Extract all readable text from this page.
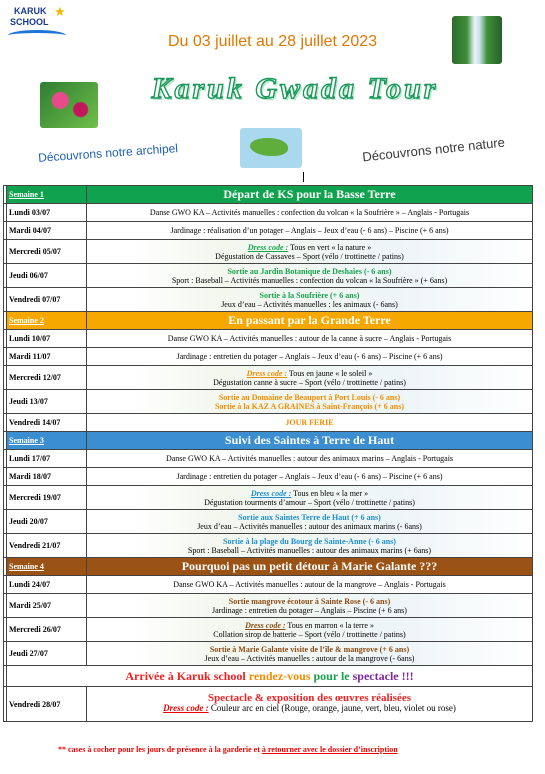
KARUK
SCHOOL
★
Du 03 juillet au 28 juillet 2023
Karuk Gwada Tour
Découvrons notre archipel	Découvrons notre nature
	Semaine 1	Départ de KS pour la Basse Terre
	Lundi 03/07	Danse GWO KA – Activités manuelles : confection du volcan « la Soufrière » – Anglais - Portugais

	Mardi 04/07	Jardinage : réalisation d’un potager – Anglais – Jeux d’eau (- 6 ans) – Piscine (+ 6 ans)

	Mercredi 05/07	Dress code : Tous en vert « la nature »
Dégustation de Cassaves – Sport (vélo / trottinette / patins)

	Jeudi 06/07	Sortie au Jardin Botanique de Deshaies (- 6 ans)
Sport : Baseball – Activités manuelles : confection du volcan « la Soufrière » (+ 6ans)

	Vendredi 07/07	Sortie à la Soufrière (+ 6 ans)
Jeux d’eau – Activités manuelles : les animaux (- 6ans)

	Semaine 2	En passant par la Grande Terre
	Lundi 10/07	Danse GWO KA – Activités manuelles : autour de la canne à sucre – Anglais - Portugais

	Mardi 11/07	Jardinage : entretien du potager – Anglais – Jeux d’eau (- 6 ans) – Piscine (+ 6 ans)

	Mercredi 12/07	Dress code : Tous en jaune « le soleil »
Dégustation canne à sucre – Sport (vélo / trottinette / patins)

	Jeudi 13/07	Sortie au Domaine de Beauport à Port Louis (- 6 ans)
Sortie à la KAZ A GRAINES à Saint-François (+ 6 ans)

	Vendredi 14/07	JOUR FERIE

	Semaine 3	Suivi des Saintes à Terre de Haut
	Lundi 17/07	Danse GWO KA – Activités manuelles : autour des animaux marins – Anglais - Portugais

	Mardi 18/07	Jardinage : entretien du potager – Anglais – Jeux d’eau (- 6 ans) – Piscine (+ 6 ans)

	Mercredi 19/07	Dress code : Tous en bleu « la mer »
Dégustation tourments d’amour – Sport (vélo / trottinette / patins)

	Jeudi 20/07	Sortie aux Saintes Terre de Haut (+ 6 ans)
Jeux d’eau – Activités manuelles : autour des animaux marins (- 6ans)

	Vendredi 21/07	Sortie à la plage du Bourg de Sainte-Anne (- 6 ans)
Sport : Baseball – Activités manuelles : autour des animaux marins (+ 6ans)

	Semaine 4	Pourquoi pas un petit détour à Marie Galante ???
	Lundi 24/07	Danse GWO KA – Activités manuelles : autour de la mangrove – Anglais - Portugais

	Mardi 25/07	Sortie mangrove écotour à Sainte Rose (- 6 ans)
Jardinage : entretien du potager – Anglais – Piscine (+ 6 ans)

	Mercredi 26/07	Dress code : Tous en marron « la terre »
Collation sirop de batterie – Sport (vélo / trottinette / patins)

	Jeudi 27/07	Sortie à Marie Galante visite de l’île & mangrove (+ 6 ans)
Jeux d’eau – Activités manuelles : autour de la mangrove (- 6ans)

	Arrivée à Karuk school rendez-vous pour le spectacle !!!	
	Vendredi 28/07	Spectacle & exposition des œuvres réalisées
Dress code : Couleur arc en ciel (Rouge, orange, jaune, vert, bleu, violet ou rose)
** cases à cocher pour les jours de présence à la garderie et à retourner avec le dossier d’inscription
